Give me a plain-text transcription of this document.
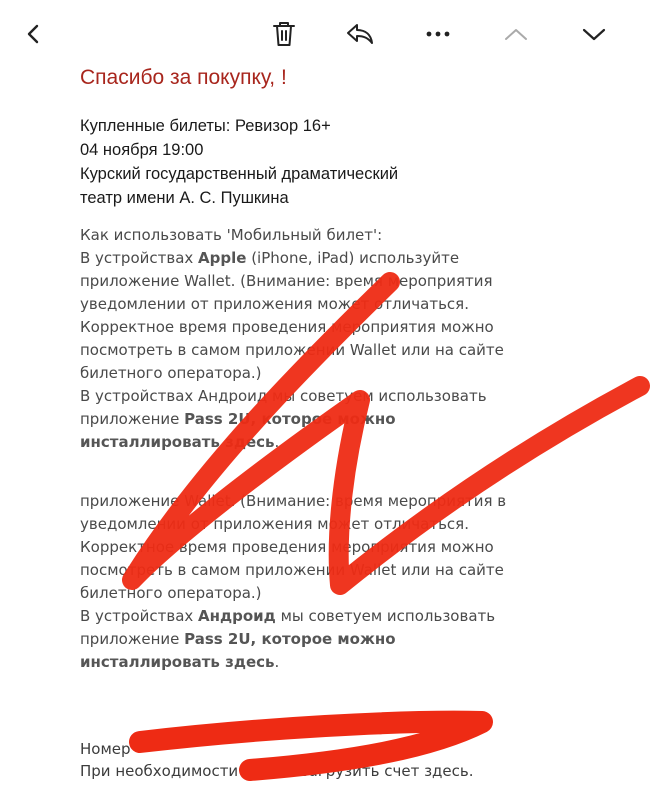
Спасибо за покупку, !
Купленные билеты: Ревизор 16+
04 ноября 19:00
Курский государственный драматический
театр имени А. С. Пушкина
Как использовать 'Мобильный билет':
В устройствах Apple (iPhone, iPad) используйте
приложение Wallet. (Внимание: время мероприятия
уведомлении от приложения может отличаться.
Корректное время проведения мероприятия можно
посмотреть в самом приложении Wallet или на сайте
билетного оператора.)
В устройствах Андроид мы советуем использовать
приложение Pass 2U, которое можно
инсталлировать здесь.
приложение Wallet. (Внимание: время мероприятия в
уведомлении от приложения может отличаться.
Корректное время проведения мероприятия можно
посмотреть в самом приложении Wallet или на сайте
билетного оператора.)
В устройствах Андроид мы советуем использовать
приложение Pass 2U, которое можно
инсталлировать здесь.
Номер
При необходимости можно загрузить счет здесь.
